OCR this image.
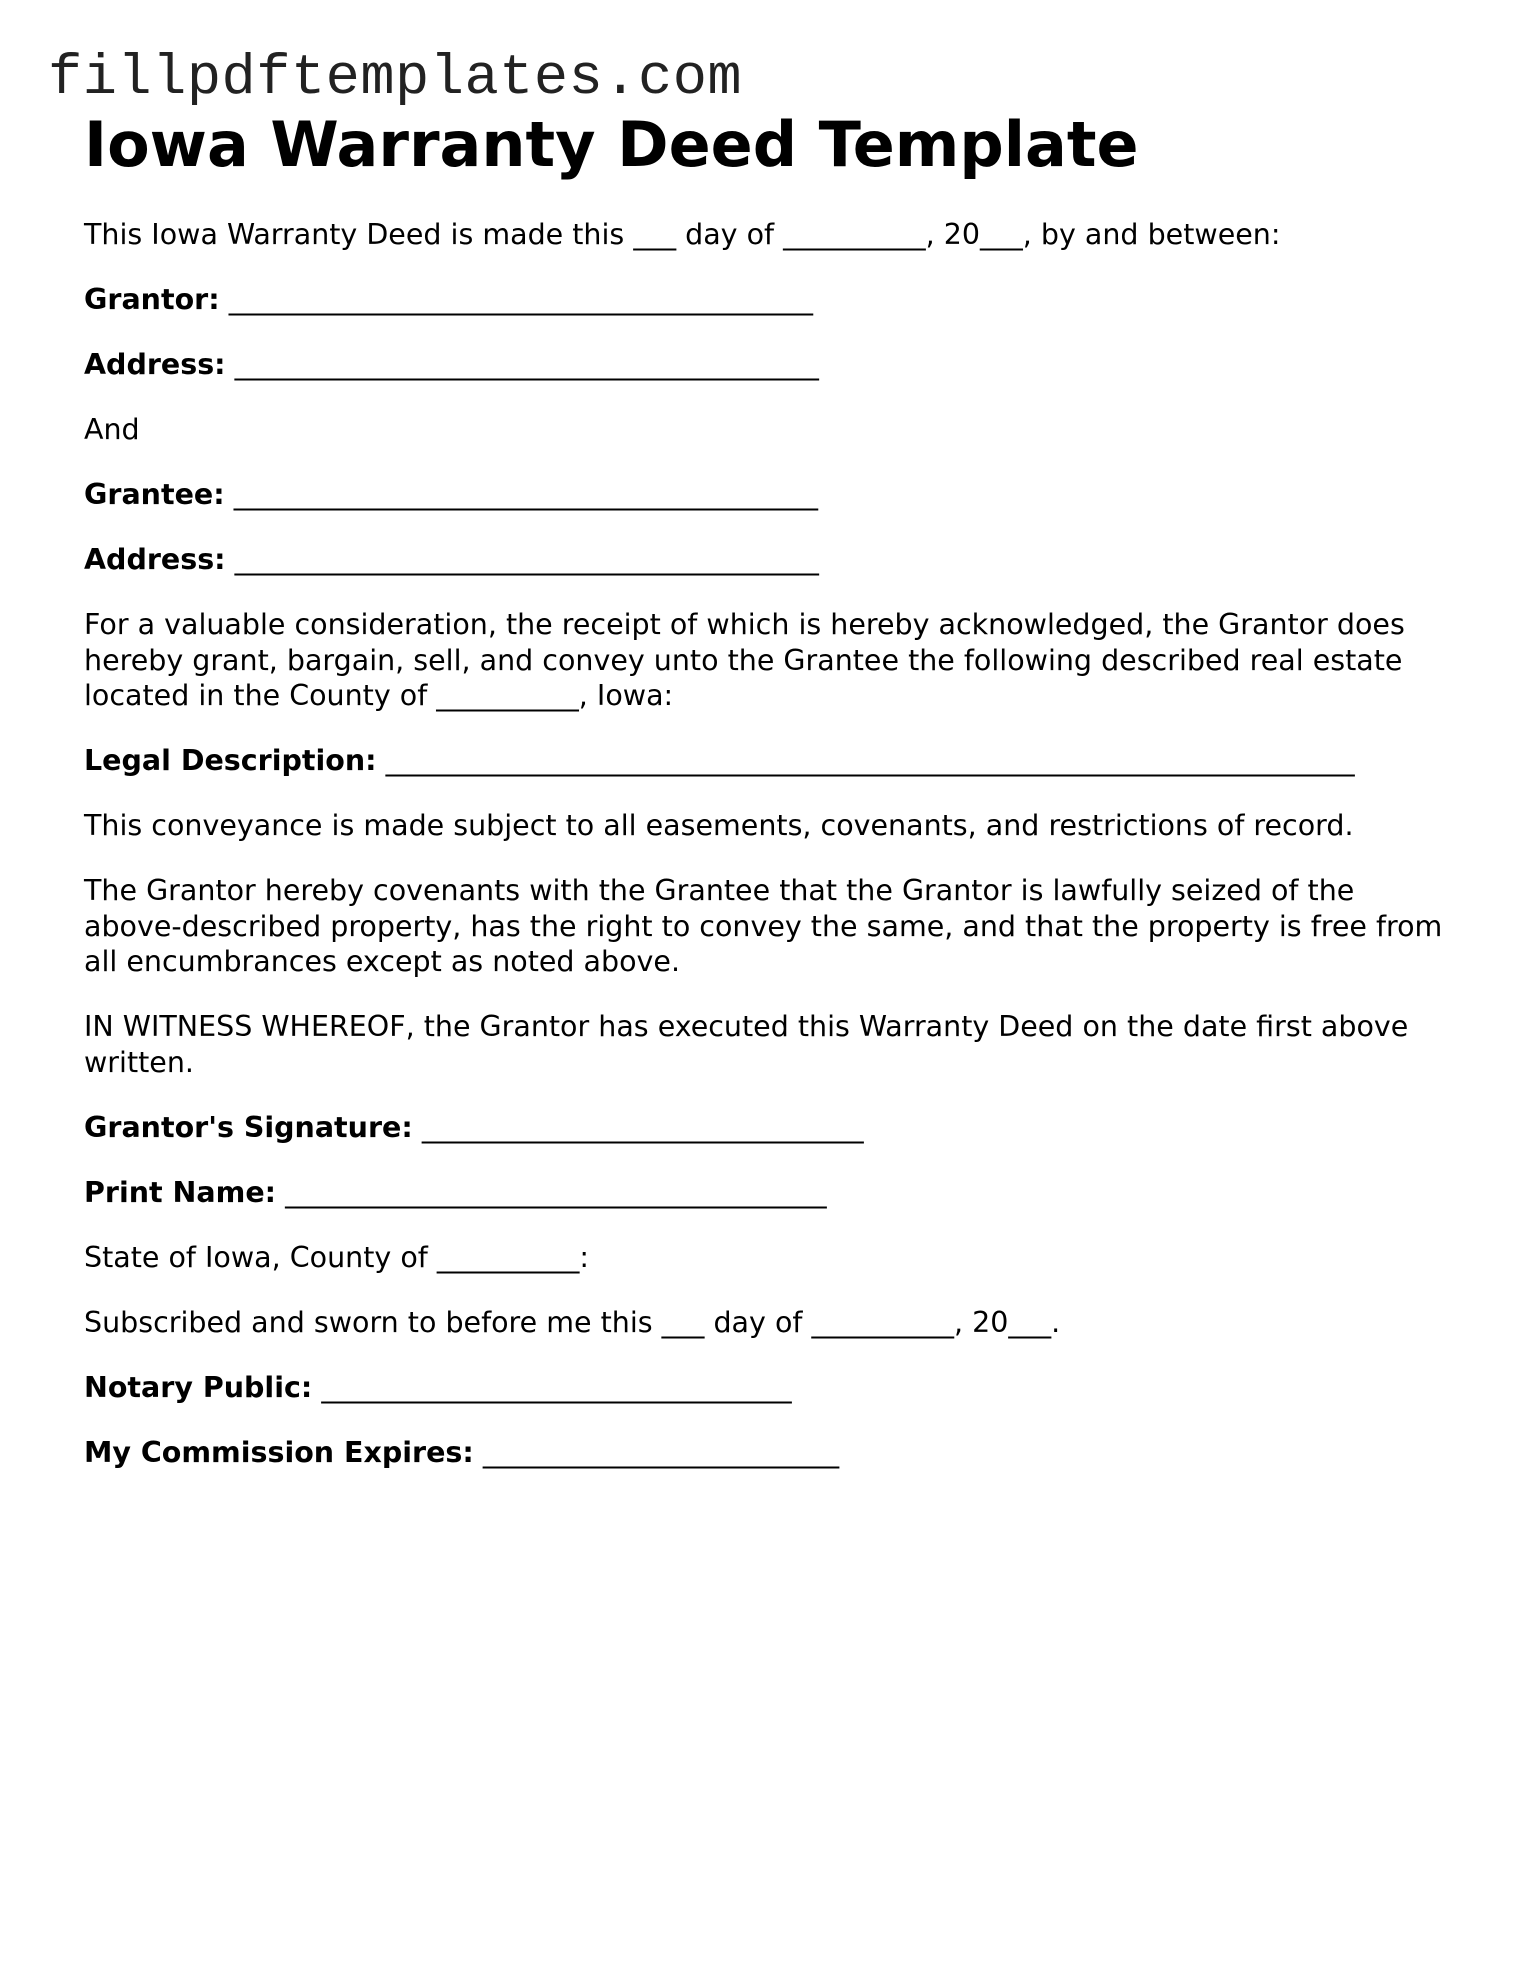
fillpdftemplates.com
Iowa Warranty Deed Template

This Iowa Warranty Deed is made this ___ day of __________, 20___, by and between:

Grantor: _________________________________________

Address: _________________________________________

And

Grantee: _________________________________________

Address: _________________________________________

For a valuable consideration, the receipt of which is hereby acknowledged, the Grantor does hereby grant, bargain, sell, and convey unto the Grantee the following described real estate located in the County of __________, Iowa:

Legal Description: ____________________________________________________________________

This conveyance is made subject to all easements, covenants, and restrictions of record.

The Grantor hereby covenants with the Grantee that the Grantor is lawfully seized of the above-described property, has the right to convey the same, and that the property is free from all encumbrances except as noted above.

IN WITNESS WHEREOF, the Grantor has executed this Warranty Deed on the date first above written.

Grantor's Signature: _______________________________

Print Name: ______________________________________

State of Iowa, County of __________:

Subscribed and sworn to before me this ___ day of __________, 20___.

Notary Public: _________________________________

My Commission Expires: _________________________
